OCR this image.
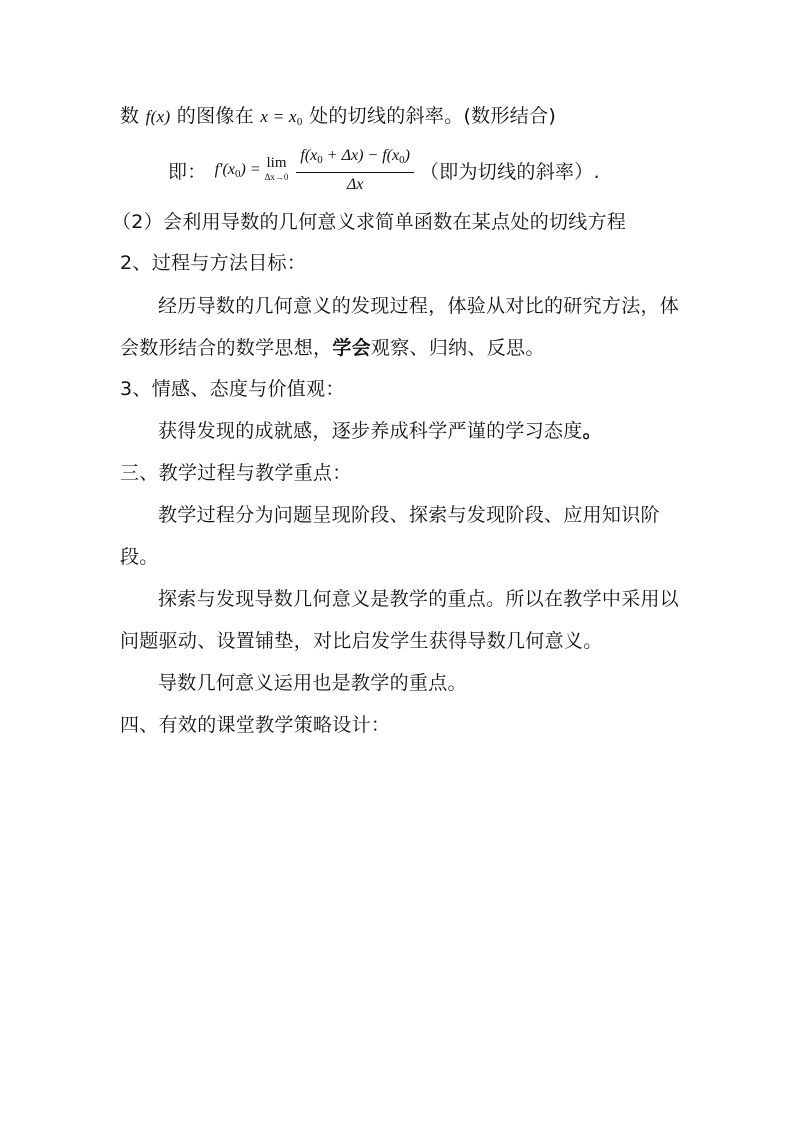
数 f(x) 的图像在 $x = x_0$ 处的切线的斜率。(数形结合)
即： $f'(x_0) = \lim$
$\Delta x\to 0 \frac{f(x_0 + \Delta x) - f(x_0)}{\Delta x}$ （即为切线的斜率）.
（2）会利用导数的几何意义求简单函数在某点处的切线方程
2、过程与方法目标：
经历导数的几何意义的发现过程，体验从对比的研究方法，体
会数形结合的数学思想，学会观察、归纳、反思。
3、情感、态度与价值观：
获得发现的成就感，逐步养成科学严谨的学习态度。
三、教学过程与教学重点：
教学过程分为问题呈现阶段、探索与发现阶段、应用知识阶
段。
探索与发现导数几何意义是教学的重点。所以在教学中采用以
问题驱动、设置铺垫，对比启发学生获得导数几何意义。
导数几何意义运用也是教学的重点。
四、有效的课堂教学策略设计：
